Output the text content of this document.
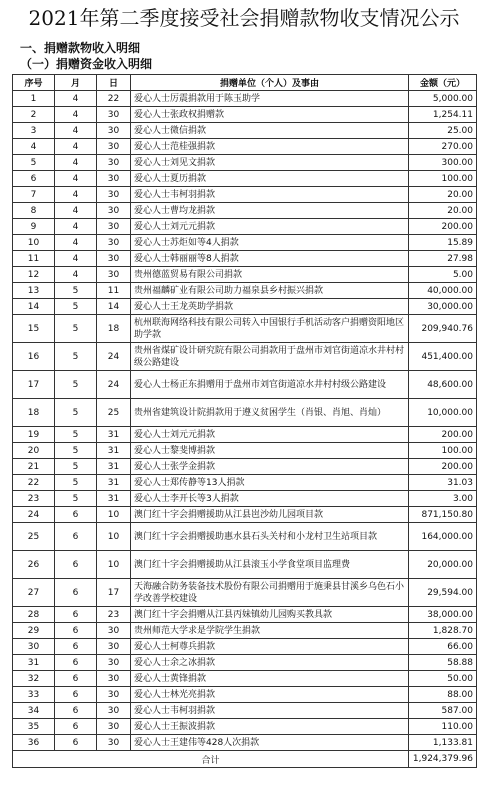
2021年第二季度接受社会捐赠款物收支情况公示
一、捐赠款物收入明细
（一）捐赠资金收入明细
序号	月	日	捐赠单位（个人）及事由	金额（元）
1	4	22	爱心人士厉震捐款用于陈玉助学	5,000.00
2	4	30	爱心人士张政权捐赠款	1,254.11
3	4	30	爱心人士微信捐款	25.00
4	4	30	爱心人士范桂强捐款	270.00
5	4	30	爱心人士刘见文捐款	300.00
6	4	30	爱心人士夏历捐款	100.00
7	4	30	爱心人士韦柯羽捐款	20.00
8	4	30	爱心人士曹均龙捐款	20.00
9	4	30	爱心人士刘元元捐款	200.00
10	4	30	爱心人士苏炬如等4人捐款	15.89
11	4	30	爱心人士韩丽丽等8人捐款	27.98
12	4	30	贵州德蓝贸易有限公司捐款	5.00
13	5	11	贵州福麟矿业有限公司助力福泉县乡村振兴捐款	40,000.00
14	5	14	爱心人士王龙英助学捐款	30,000.00
15	5	18	杭州联海网络科技有限公司转入中国银行手机活动客户捐赠资阳地区助学款	209,940.76
16	5	24	贵州省煤矿设计研究院有限公司捐款用于盘州市刘官街道凉水井村村级公路建设	451,400.00
17	5	24	爱心人士杨正东捐赠用于盘州市刘官街道凉水井村村级公路建设	48,600.00
18	5	25	贵州省建筑设计院捐款用于遵义贫困学生（肖银、肖旭、肖灿）	10,000.00
19	5	31	爱心人士刘元元捐款	200.00
20	5	31	爱心人士黎斐博捐款	100.00
21	5	31	爱心人士张学金捐款	200.00
22	5	31	爱心人士郑传静等13人捐款	31.03
23	5	31	爱心人士李开长等3人捐款	3.00
24	6	10	澳门红十字会捐赠援助从江县岜沙幼儿园项目款	871,150.80
25	6	10	澳门红十字会捐赠援助惠水县石头关村和小龙村卫生站项目款	164,000.00
26	6	10	澳门红十字会捐赠援助从江县滚玉小学食堂项目监理费	20,000.00
27	6	17	天海融合防务装备技术股份有限公司捐赠用于施秉县甘溪乡乌色石小学改善学校建设	29,594.00
28	6	23	澳门红十字会捐赠从江县丙妹镇幼儿园购买教具款	38,000.00
29	6	30	贵州师范大学求是学院学生捐款	1,828.70
30	6	30	爱心人士柯尊兵捐款	66.00
31	6	30	爱心人士余之冰捐款	58.88
32	6	30	爱心人士黄锋捐款	50.00
33	6	30	爱心人士林光亮捐款	88.00
34	6	30	爱心人士韦柯羽捐款	587.00
35	6	30	爱心人士王振波捐款	110.00
36	6	30	爱心人士王建伟等428人次捐款	1,133.81
合计				1,924,379.96
